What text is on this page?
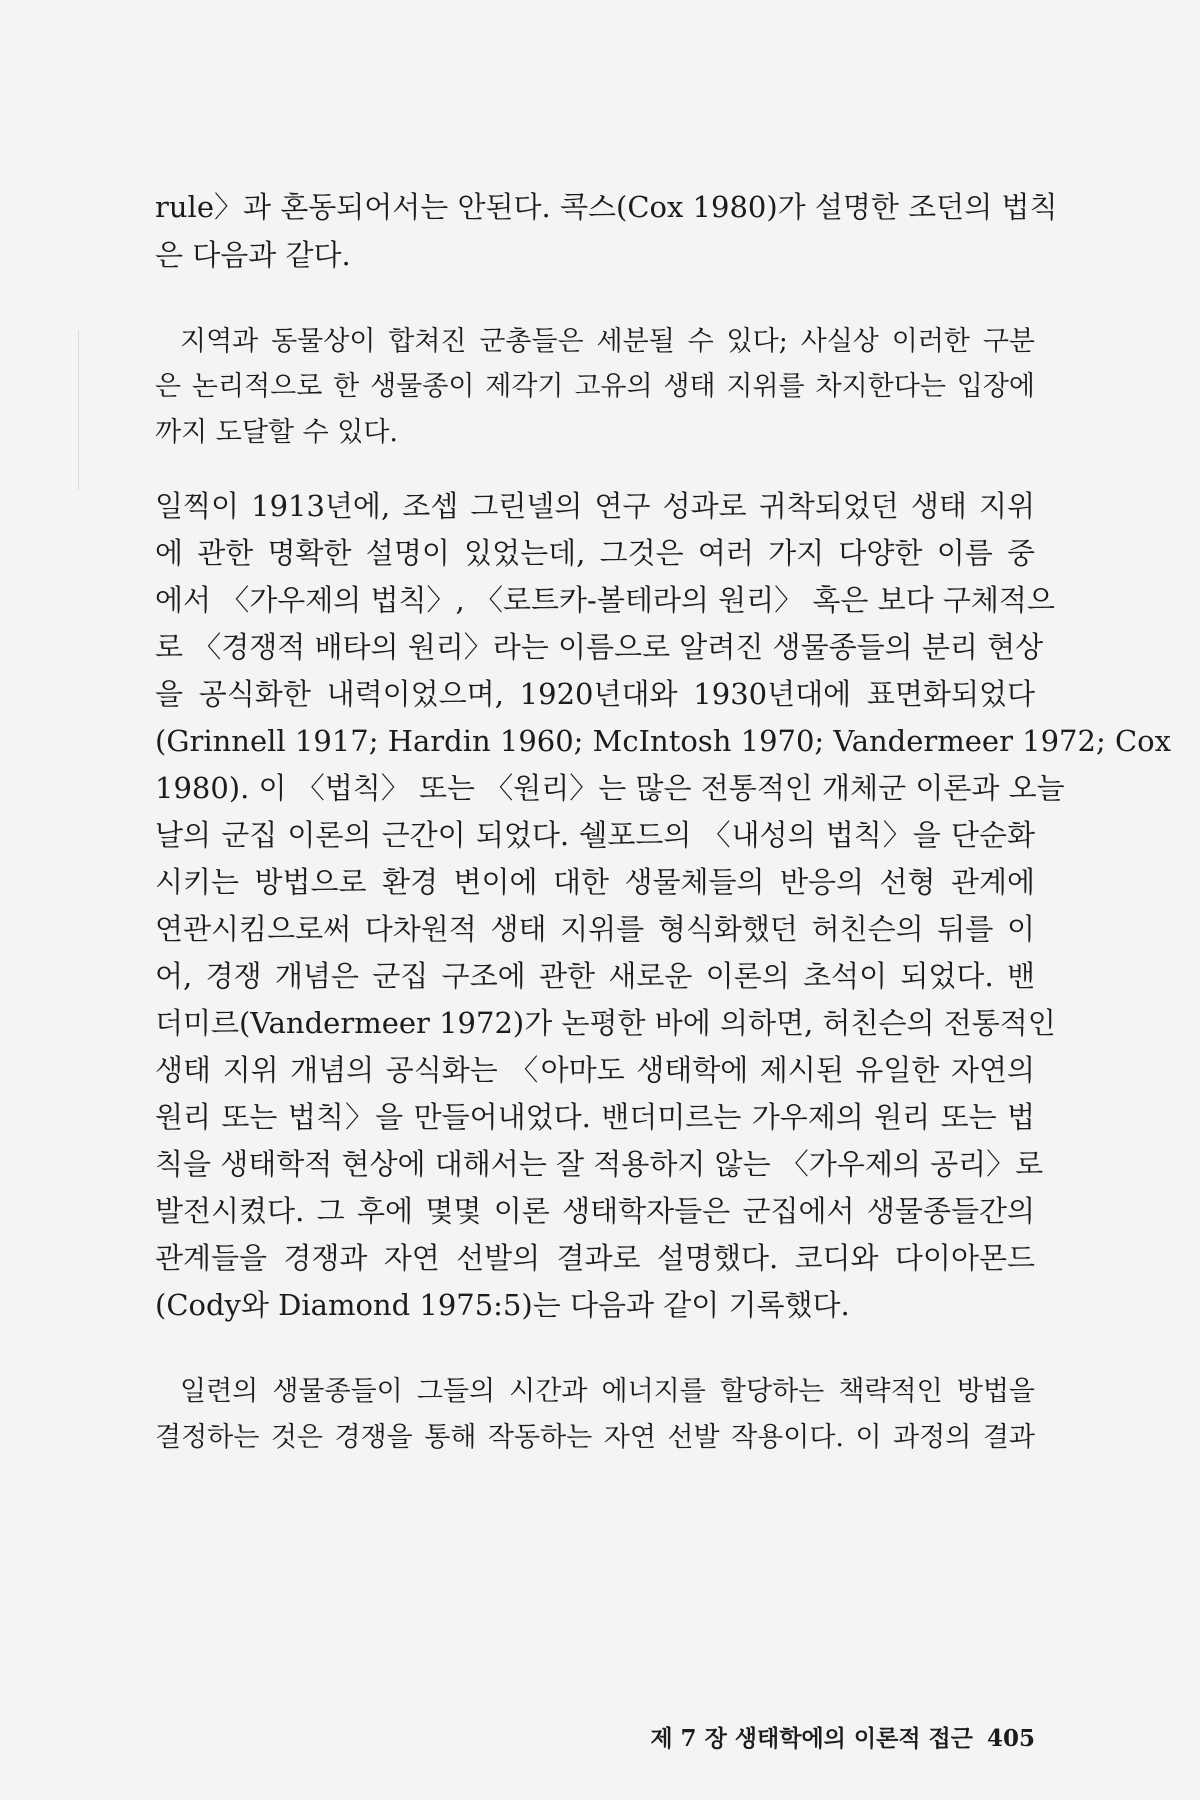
rule〉과 혼동되어서는 안된다. 콕스(Cox 1980)가 설명한 조던의 법칙
은 다음과 같다.
지역과 동물상이 합쳐진 군총들은 세분될 수 있다; 사실상 이러한 구분
은 논리적으로 한 생물종이 제각기 고유의 생태 지위를 차지한다는 입장에
까지 도달할 수 있다.
일찍이 1913년에, 조셉 그린넬의 연구 성과로 귀착되었던 생태 지위
에 관한 명확한 설명이 있었는데, 그것은 여러 가지 다양한 이름 중
에서 〈가우제의 법칙〉, 〈로트카-볼테라의 원리〉 혹은 보다 구체적으
로 〈경쟁적 배타의 원리〉라는 이름으로 알려진 생물종들의 분리 현상
을 공식화한 내력이었으며, 1920년대와 1930년대에 표면화되었다
(Grinnell 1917; Hardin 1960; McIntosh 1970; Vandermeer 1972; Cox
1980). 이 〈법칙〉 또는 〈원리〉는 많은 전통적인 개체군 이론과 오늘
날의 군집 이론의 근간이 되었다. 쉘포드의 〈내성의 법칙〉을 단순화
시키는 방법으로 환경 변이에 대한 생물체들의 반응의 선형 관계에
연관시킴으로써 다차원적 생태 지위를 형식화했던 허친슨의 뒤를 이
어, 경쟁 개념은 군집 구조에 관한 새로운 이론의 초석이 되었다. 밴
더미르(Vandermeer 1972)가 논평한 바에 의하면, 허친슨의 전통적인
생태 지위 개념의 공식화는 〈아마도 생태학에 제시된 유일한 자연의
원리 또는 법칙〉을 만들어내었다. 밴더미르는 가우제의 원리 또는 법
칙을 생태학적 현상에 대해서는 잘 적용하지 않는 〈가우제의 공리〉로
발전시켰다. 그 후에 몇몇 이론 생태학자들은 군집에서 생물종들간의
관계들을 경쟁과 자연 선발의 결과로 설명했다. 코디와 다이아몬드
(Cody와 Diamond 1975:5)는 다음과 같이 기록했다.
일련의 생물종들이 그들의 시간과 에너지를 할당하는 책략적인 방법을
결정하는 것은 경쟁을 통해 작동하는 자연 선발 작용이다. 이 과정의 결과
제 7 장 생태학에의 이론적 접근 405
